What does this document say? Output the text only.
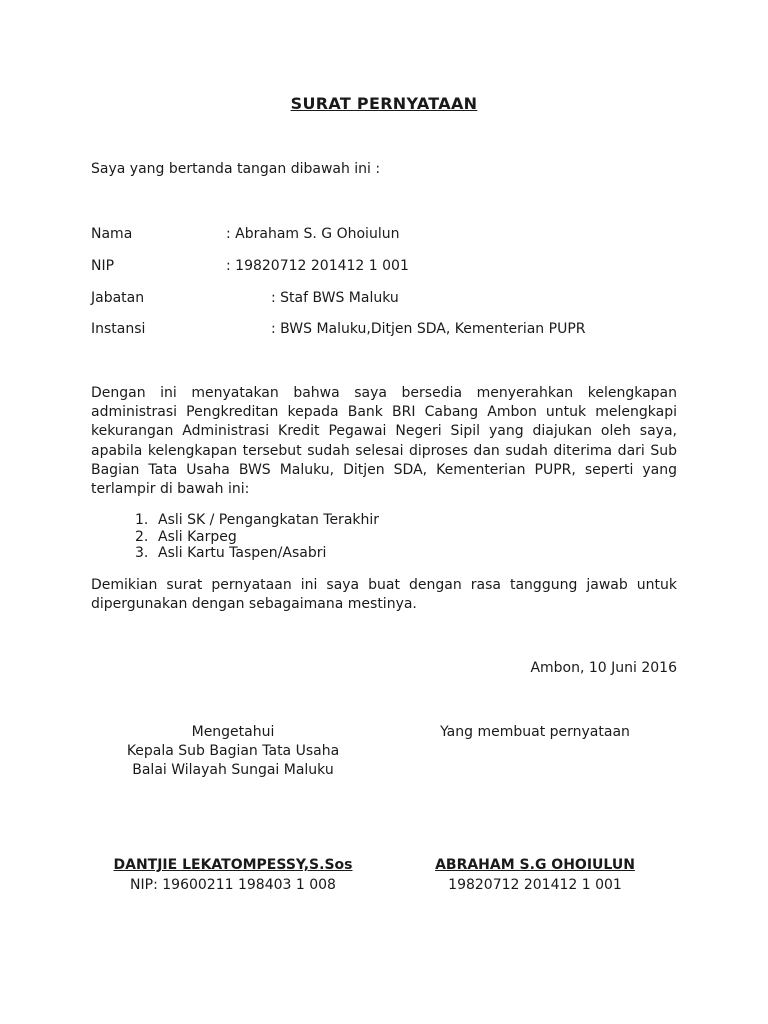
SURAT PERNYATAAN
Saya yang bertanda tangan dibawah ini :
Nama	: Abraham S. G Ohoiulun
NIP	: 19820712 201412 1 001
Jabatan	: Staf BWS Maluku
Instansi	: BWS Maluku,Ditjen SDA, Kementerian PUPR
Dengan ini menyatakan bahwa saya bersedia menyerahkan kelengkapan administrasi Pengkreditan kepada Bank BRI Cabang Ambon untuk melengkapi kekurangan Administrasi Kredit Pegawai Negeri Sipil yang diajukan oleh saya, apabila kelengkapan tersebut sudah selesai diproses dan sudah diterima dari Sub Bagian Tata Usaha BWS Maluku, Ditjen SDA, Kementerian PUPR, seperti yang terlampir di bawah ini:
1. Asli SK / Pengangkatan Terakhir
2. Asli Karpeg
3. Asli Kartu Taspen/Asabri
Demikian surat pernyataan ini saya buat dengan rasa tanggung jawab untuk dipergunakan dengan sebagaimana mestinya.
Ambon, 10 Juni 2016
Mengetahui
Kepala Sub Bagian Tata Usaha
Balai Wilayah Sungai Maluku
DANTJIE LEKATOMPESSY,S.Sos
NIP: 19600211 198403 1 008
Yang membuat pernyataan
ABRAHAM S.G OHOIULUN
19820712 201412 1 001
